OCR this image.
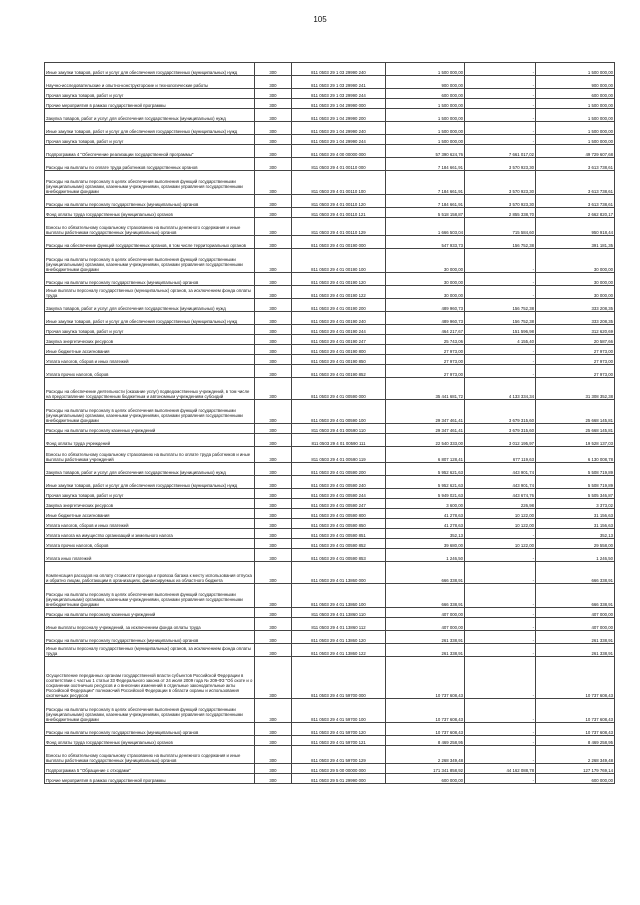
105
Иные закупки товаров, работ и услуг для обеспечения государственных (муниципальных) нужд	300	811 0503 29 1 03 29990 240	1 500 000,00	-	1 500 000,00
Научно-исследовательские и опытно-конструкторские и технологические работы	300	811 0503 29 1 03 29990 241	900 000,00	-	900 000,00
Прочая закупка товаров, работ и услуг	300	811 0503 29 1 03 29990 244	600 000,00	-	600 000,00
Прочие мероприятия в рамках государственной программы	300	811 0503 29 1 04 29990 000	1 500 000,00	-	1 500 000,00
Закупка товаров, работ и услуг для обеспечения государственных (муниципальных) нужд	300	811 0503 29 1 04 29990 200	1 500 000,00	-	1 500 000,00
Иные закупки товаров, работ и услуг для обеспечения государственных (муниципальных) нужд	300	811 0503 29 1 04 29990 240	1 500 000,00	-	1 500 000,00
Прочая закупка товаров, работ и услуг	300	811 0503 29 1 04 29990 244	1 500 000,00	-	1 500 000,00
Подпрограмма 4 "Обеспечение реализации государственной программы"	300	811 0503 29 4 00 00000 000	57 390 624,76	7 661 017,02	49 729 607,68
Расходы на выплаты по оплате труда работников государственных органов	300	811 0503 29 4 01 00110 000	7 184 661,91	3 570 923,30	3 613 738,61
Расходы на выплаты персоналу в целях обеспечения выполнения функций государственными (муниципальными) органами, казенными учреждениями, органами управления государственными внебюджетными фондами	300	811 0503 29 4 01 00110 100	7 184 661,91	3 570 923,30	3 613 738,61
Расходы на выплаты персоналу государственных (муниципальных) органов	300	811 0503 29 4 01 00110 120	7 184 661,91	3 570 923,30	3 613 738,61
Фонд оплаты труда государственных (муниципальных) органов	300	811 0503 29 4 01 00110 121	5 518 158,87	2 855 338,70	2 662 820,17
Взносы по обязательному социальному страхованию на выплаты денежного содержания и иные выплаты работникам государственных (муниципальных) органов	300	811 0503 29 4 01 00110 129	1 666 503,04	715 584,60	950 918,44
Расходы на обеспечение функций государственных органов, в том числе территориальных органов	300	811 0503 29 4 01 00190 000	547 933,73	156 752,38	391 181,35
Расходы на выплаты персоналу в целях обеспечения выполнения функций государственными (муниципальными) органами, казенными учреждениями, органами управления государственными внебюджетными фондами	300	811 0503 29 4 01 00190 100	30 000,00	-	30 000,00
Расходы на выплаты персоналу государственных (муниципальных) органов	300	811 0503 29 4 01 00190 120	30 000,00	-	30 000,00
Иные выплаты персоналу государственных (муниципальных) органов, за исключением фонда оплаты труда	300	811 0503 29 4 01 00190 122	30 000,00	-	30 000,00
Закупка товаров, работ и услуг для обеспечения государственных (муниципальных) нужд	300	811 0503 29 4 01 00190 200	489 960,73	156 752,38	333 208,35
Иные закупки товаров, работ и услуг для обеспечения государственных (муниципальных) нужд	300	811 0503 29 4 01 00190 240	489 960,73	156 752,38	333 208,35
Прочая закупка товаров, работ и услуг	300	811 0503 29 4 01 00190 244	464 217,67	151 596,98	312 620,69
Закупка энергетических ресурсов	300	811 0503 29 4 01 00190 247	25 743,06	4 155,40	20 587,66
Иные бюджетные ассигнования	300	811 0503 29 4 01 00190 800	27 973,00	-	27 973,00
Уплата налогов, сборов и иных платежей	300	811 0503 29 4 01 00190 850	27 973,00	-	27 973,00
Уплата прочих налогов, сборов	300	811 0503 29 4 01 00190 852	27 973,00	-	27 973,00
Расходы на обеспечение деятельности (оказание услуг) подведомственных учреждений, в том числе на предоставление государственным бюджетным и автономным учреждениям субсидий	300	811 0503 29 4 01 00590 000	35 441 681,72	4 133 334,34	31 308 352,38
Расходы на выплаты персоналу в целях обеспечения выполнения функций государственными (муниципальными) органами, казенными учреждениями, органами управления государственными внебюджетными фондами	300	811 0503 29 4 01 00590 100	29 347 461,41	3 679 315,60	25 668 145,81
Расходы на выплаты персоналу казенных учреждений	300	811 0503 29 4 01 00590 110	29 347 461,41	3 679 315,60	25 668 145,81
Фонд оплаты труда учреждений	300	811 0503 29 4 01 00590 111	22 540 333,00	3 012 195,97	19 528 137,03
Взносы по обязательному социальному страхованию на выплаты по оплате труда работников и иные выплаты работникам учреждений	300	811 0503 29 4 01 00590 119	6 807 128,41	677 119,63	6 130 008,78
Закупка товаров, работ и услуг для обеспечения государственных (муниципальных) нужд	300	811 0503 29 4 01 00590 200	5 952 621,63	443 901,74	5 508 719,89
Иные закупки товаров, работ и услуг для обеспечения государственных (муниципальных) нужд	300	811 0503 29 4 01 00590 240	5 952 621,63	443 901,74	5 508 719,89
Прочая закупка товаров, работ и услуг	300	811 0503 29 4 01 00590 244	5 949 021,63	443 674,76	5 505 346,87
Закупка энергетических ресурсов	300	811 0503 29 4 01 00590 247	3 600,00	226,98	3 373,02
Иные бюджетные ассигнования	300	811 0503 29 4 01 00590 800	41 278,63	10 122,00	31 156,63
Уплата налогов, сборов и иных платежей	300	811 0503 29 4 01 00590 850	41 278,63	10 122,00	31 156,63
Уплата налога на имущество организаций и земельного налога	300	811 0503 29 4 01 00590 851	352,13	-	352,13
Уплата прочих налогов, сборов	300	811 0503 29 4 01 00590 852	39 680,00	10 122,00	29 558,00
Уплата иных платежей	300	811 0503 29 4 01 00590 853	1 246,50	-	1 246,50
Компенсация расходов на оплату стоимости проезда и провоза багажа к месту использования отпуска и обратно лицам, работающим в организациях, финансируемых из областного бюджета	300	811 0503 29 4 01 13860 000	666 338,91	-	666 338,91
Расходы на выплаты персоналу в целях обеспечения выполнения функций государственными (муниципальными) органами, казенными учреждениями, органами управления государственными внебюджетными фондами	300	811 0503 29 4 01 13860 100	666 338,91	-	666 338,91
Расходы на выплаты персоналу казенных учреждений	300	811 0503 29 4 01 13860 110	407 000,00	-	407 000,00
Иные выплаты персоналу учреждений, за исключением фонда оплаты труда	300	811 0503 29 4 01 13860 112	407 000,00	-	407 000,00
Расходы на выплаты персоналу государственных (муниципальных) органов	300	811 0503 29 4 01 13860 120	261 338,91	-	261 338,91
Иные выплаты персоналу государственных (муниципальных) органов, за исключением фонда оплаты труда	300	811 0503 29 4 01 13860 122	261 338,91	-	261 338,91
Осуществление переданных органам государственной власти субъектов Российской Федерации в соответствии с частью 1 статьи 33 Федерального закона от 24 июля 2009 года № 209-ФЗ "Об охоте и о сохранении охотничьих ресурсов и о внесении изменений в отдельные законодательные акты Российской Федерации" полномочий Российской Федерации в области охраны и использования охотничьих ресурсов	300	811 0503 29 4 01 59700 000	10 737 608,43	-	10 737 608,43
Расходы на выплаты персоналу в целях обеспечения выполнения функций государственными (муниципальными) органами, казенными учреждениями, органами управления государственными внебюджетными фондами	300	811 0503 29 4 01 59700 100	10 737 608,43	-	10 737 608,43
Расходы на выплаты персоналу государственных (муниципальных) органов	300	811 0503 29 4 01 59700 120	10 737 608,43	-	10 737 608,43
Фонд оплаты труда государственных (муниципальных) органов	300	811 0503 29 4 01 59700 121	8 469 258,95	-	8 469 258,95
Взносы по обязательному социальному страхованию на выплаты денежного содержания и иные выплаты работникам государственных (муниципальных) органов	300	811 0503 29 4 01 59700 129	2 268 349,48	-	2 268 349,48
Подпрограмма 5 "Обращение с отходами"	300	811 0503 29 5 00 00000 000	171 341 858,92	44 162 088,78	127 179 769,14
Прочие мероприятия в рамках государственной программы	300	811 0503 29 5 01 29990 000	600 000,00	-	600 000,00
